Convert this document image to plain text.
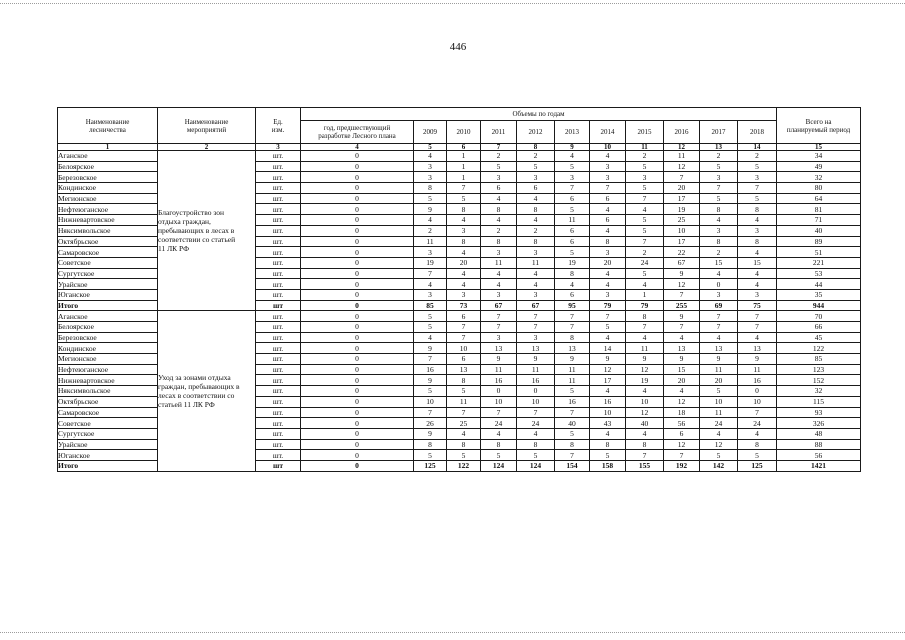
446
Наименование
лесничества	Наименование
мероприятий	Ед.
изм.	Объемы по годам											Всего на
планируемый период

			год, предшествующий
разработке Лесного плана	2009	2010	2011	2012	2013	2014	2015	2016	2017	2018	
1	2	3	4	5	6	7	8	9	10	11	12	13	14	15
Аганское	Благоустройство зон
отдыха граждан,
пребывающих в лесах в
соответствии со статьей
11 ЛК РФ	шт.	0	4	1	2	2	4	4	2	11	2	2	34
Белоярское		шт.	0	3	1	5	5	5	3	5	12	5	5	49
Березовское		шт.	0	3	1	3	3	3	3	3	7	3	3	32
Кондинское		шт.	0	8	7	6	6	7	7	5	20	7	7	80
Мегионское		шт.	0	5	5	4	4	6	6	7	17	5	5	64
Нефтеюганское		шт.	0	9	8	8	8	5	4	4	19	8	8	81
Нижневартовское		шт.	0	4	4	4	4	11	6	5	25	4	4	71
Няксимвольское		шт.	0	2	3	2	2	6	4	5	10	3	3	40
Октябрьское		шт.	0	11	8	8	8	6	8	7	17	8	8	89
Самаровское		шт.	0	3	4	3	3	5	3	2	22	2	4	51
Советское		шт.	0	19	20	11	11	19	20	24	67	15	15	221
Сургутское		шт.	0	7	4	4	4	8	4	5	9	4	4	53
Урайское		шт.	0	4	4	4	4	4	4	4	12	0	4	44
Юганское		шт.	0	3	3	3	3	6	3	1	7	3	3	35
Итого		шт	0	85	73	67	67	95	79	79	255	69	75	944
Аганское	Уход за зонами отдыха
граждан, пребывающих в
лесах в соответствии со
статьей 11 ЛК РФ	шт.	0	5	6	7	7	7	7	8	9	7	7	70
Белоярское		шт.	0	5	7	7	7	7	5	7	7	7	7	66
Березовское		шт.	0	4	7	3	3	8	4	4	4	4	4	45
Кондинское		шт.	0	9	10	13	13	13	14	11	13	13	13	122
Мегионское		шт.	0	7	6	9	9	9	9	9	9	9	9	85
Нефтеюганское		шт.	0	16	13	11	11	11	12	12	15	11	11	123
Нижневартовское		шт.	0	9	8	16	16	11	17	19	20	20	16	152
Няксимвольское		шт.	0	5	5	0	0	5	4	4	4	5	0	32
Октябрьское		шт.	0	10	11	10	10	16	16	10	12	10	10	115
Самаровское		шт.	0	7	7	7	7	7	10	12	18	11	7	93
Советское		шт.	0	26	25	24	24	40	43	40	56	24	24	326
Сургутское		шт.	0	9	4	4	4	5	4	4	6	4	4	48
Урайское		шт.	0	8	8	8	8	8	8	8	12	12	8	88
Юганское		шт.	0	5	5	5	5	7	5	7	7	5	5	56
Итого		шт	0	125	122	124	124	154	158	155	192	142	125	1421
